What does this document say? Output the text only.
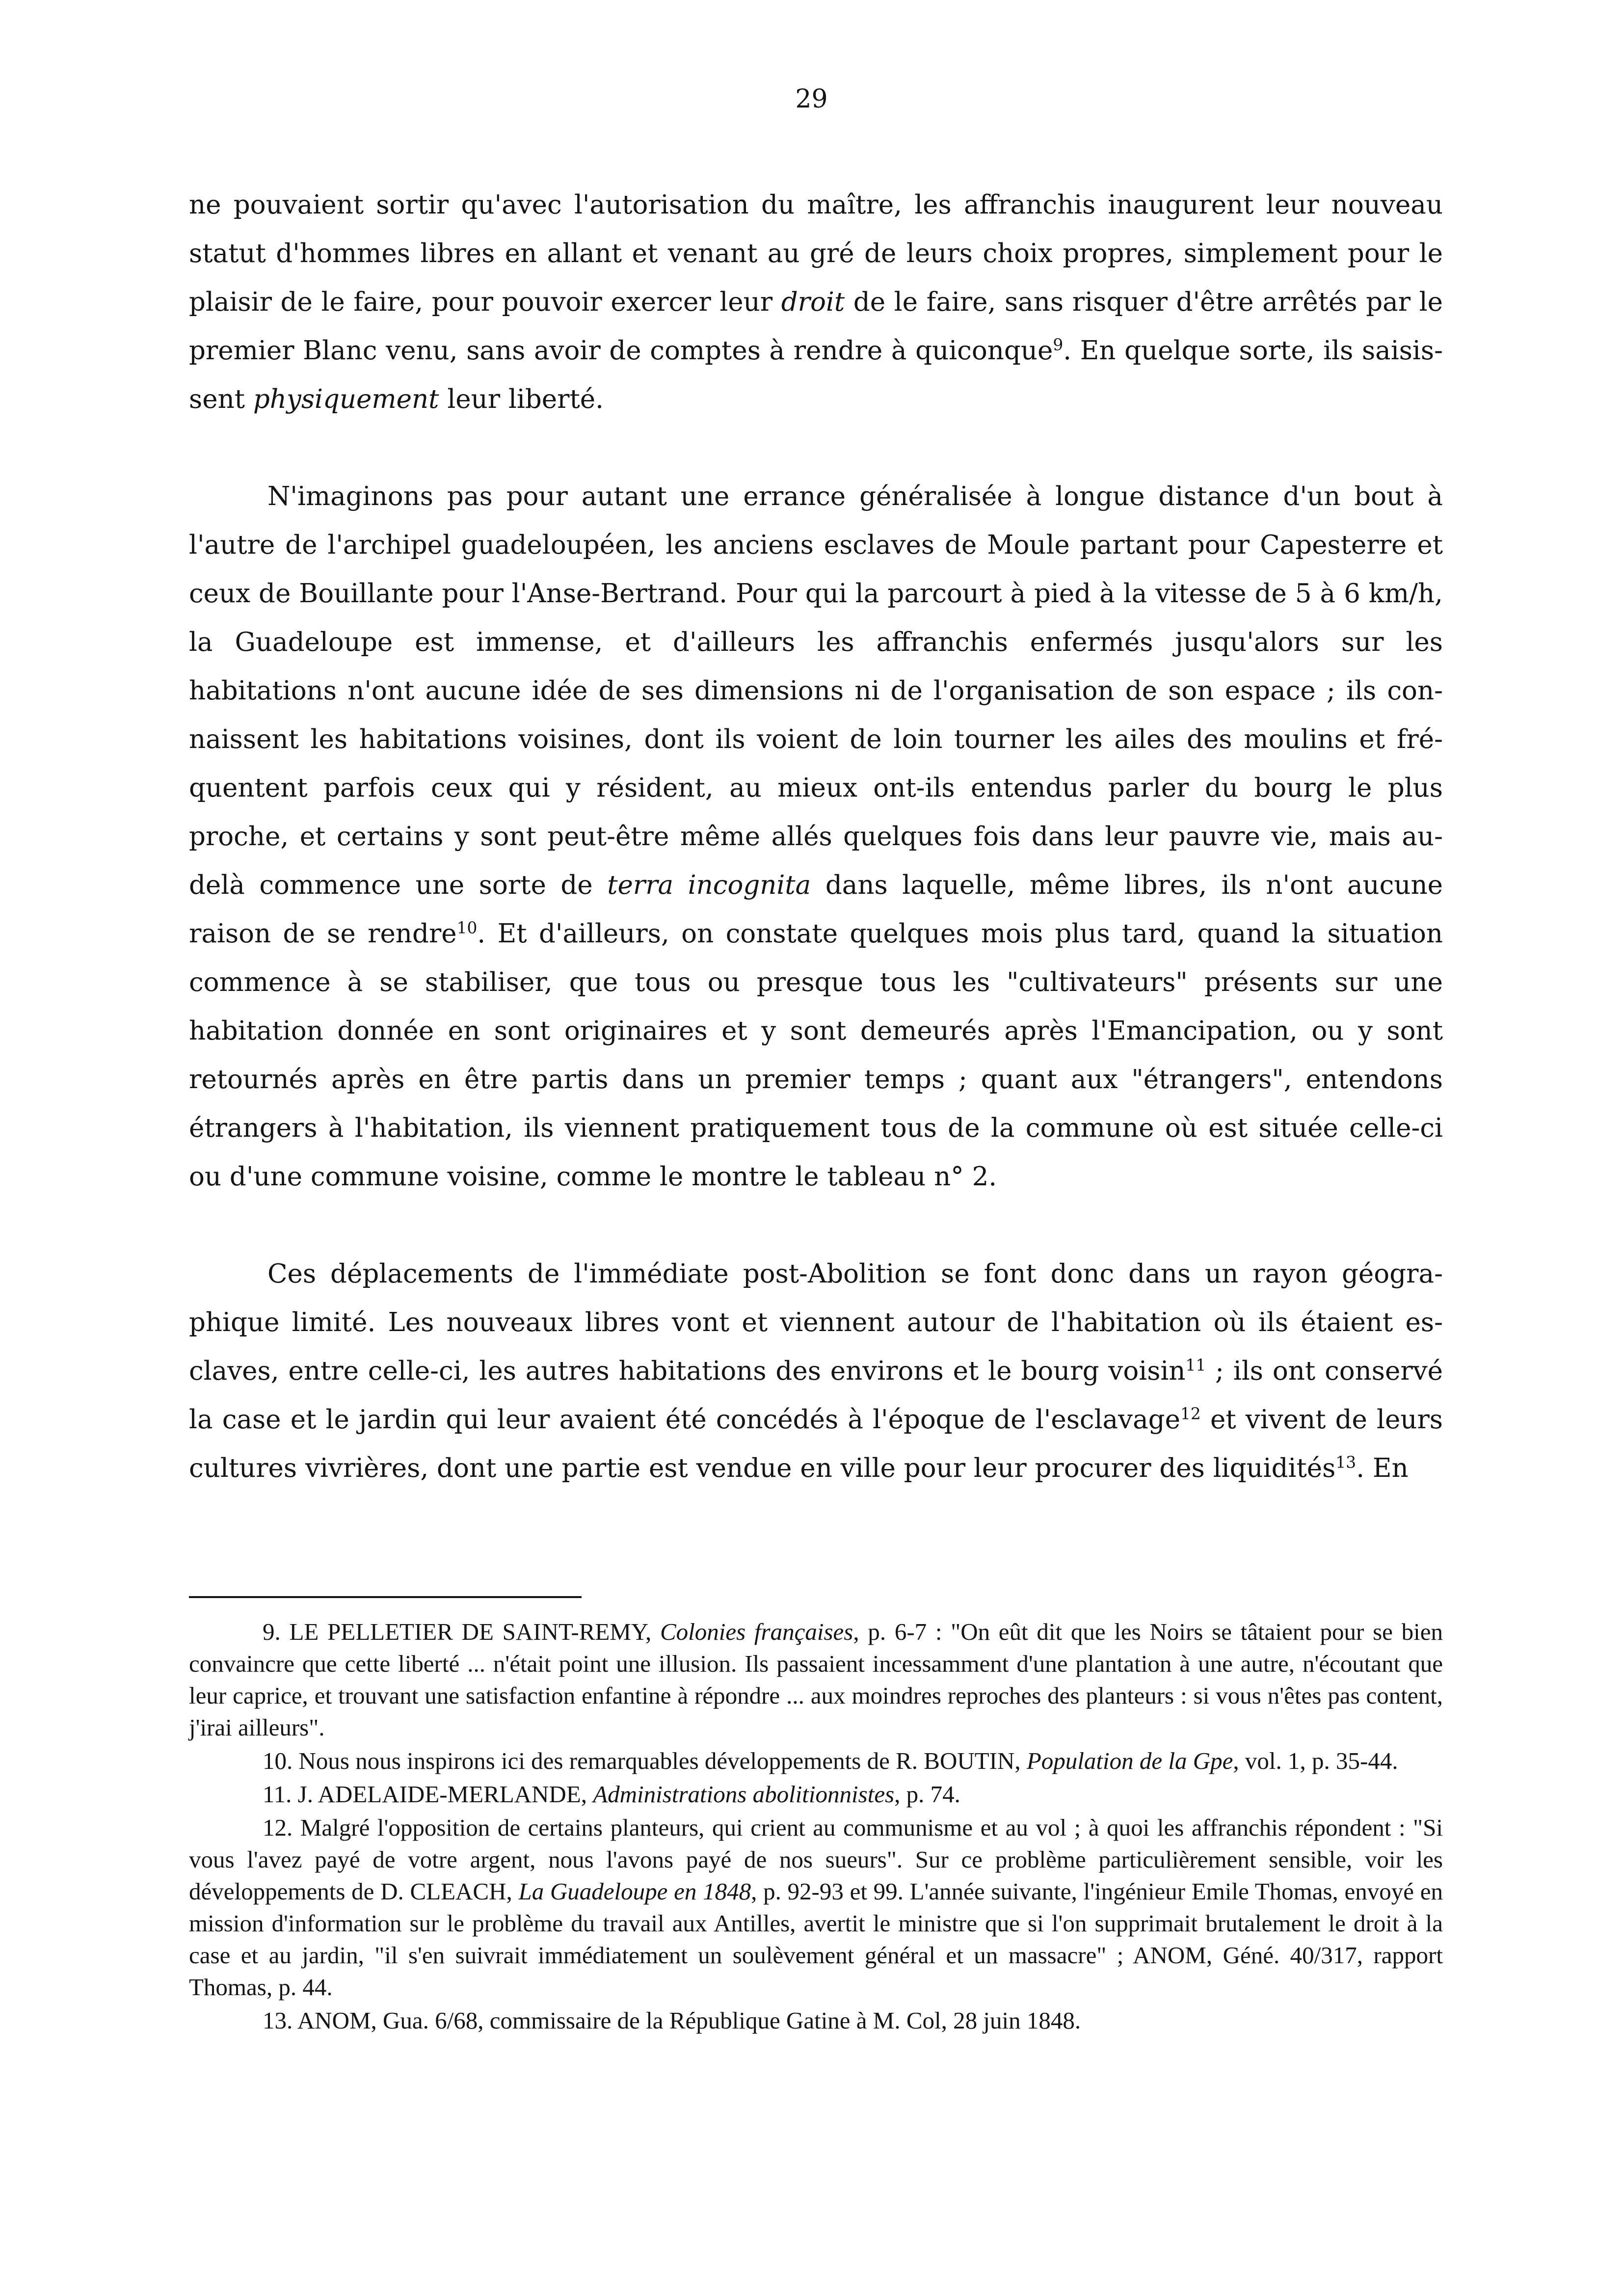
29

ne pouvaient sortir qu'avec l'autorisation du maître, les affranchis inaugurent leur nouveau statut d'hommes libres en allant et venant au gré de leurs choix propres, simplement pour le plaisir de le faire, pour pouvoir exercer leur droit de le faire, sans risquer d'être arrêtés par le premier Blanc venu, sans avoir de comptes à rendre à quiconque$^9$. En quelque sorte, ils saisissent physiquement leur liberté.

N'imaginons pas pour autant une errance généralisée à longue distance d'un bout à l'autre de l'archipel guadeloupéen, les anciens esclaves de Moule partant pour Capesterre et ceux de Bouillante pour l'Anse-Bertrand. Pour qui la parcourt à pied à la vitesse de 5 à 6 km/h, la Guadeloupe est immense, et d'ailleurs les affranchis enfermés jusqu'alors sur les habitations n'ont aucune idée de ses dimensions ni de l'organisation de son espace ; ils connaissent les habitations voisines, dont ils voient de loin tourner les ailes des moulins et fréquentent parfois ceux qui y résident, au mieux ont-ils entendus parler du bourg le plus proche, et certains y sont peut-être même allés quelques fois dans leur pauvre vie, mais au-delà commence une sorte de terra incognita dans laquelle, même libres, ils n'ont aucune raison de se rendre$^{10}$. Et d'ailleurs, on constate quelques mois plus tard, quand la situation commence à se stabiliser, que tous ou presque tous les "cultivateurs" présents sur une habitation donnée en sont originaires et y sont demeurés après l'Emancipation, ou y sont retournés après en être partis dans un premier temps ; quant aux "étrangers", entendons étrangers à l'habitation, ils viennent pratiquement tous de la commune où est située celle-ci ou d'une commune voisine, comme le montre le tableau n° 2.

Ces déplacements de l'immédiate post-Abolition se font donc dans un rayon géographique limité. Les nouveaux libres vont et viennent autour de l'habitation où ils étaient esclaves, entre celle-ci, les autres habitations des environs et le bourg voisin$^{11}$ ; ils ont conservé la case et le jardin qui leur avaient été concédés à l'époque de l'esclavage$^{12}$ et vivent de leurs cultures vivrières, dont une partie est vendue en ville pour leur procurer des liquidités$^{13}$. En

9. LE PELLETIER DE SAINT-REMY, Colonies françaises, p. 6-7 : "On eût dit que les Noirs se tâtaient pour se bien convaincre que cette liberté ... n'était point une illusion. Ils passaient incessamment d'une plantation à une autre, n'écoutant que leur caprice, et trouvant une satisfaction enfantine à répondre ... aux moindres reproches des planteurs : si vous n'êtes pas content, j'irai ailleurs".

10. Nous nous inspirons ici des remarquables développements de R. BOUTIN, Population de la Gpe, vol. 1, p. 35-44.

11. J. ADELAIDE-MERLANDE, Administrations abolitionnistes, p. 74.

12. Malgré l'opposition de certains planteurs, qui crient au communisme et au vol ; à quoi les affranchis répondent : "Si vous l'avez payé de votre argent, nous l'avons payé de nos sueurs". Sur ce problème particulièrement sensible, voir les développements de D. CLEACH, La Guadeloupe en 1848, p. 92-93 et 99. L'année suivante, l'ingénieur Emile Thomas, envoyé en mission d'information sur le problème du travail aux Antilles, avertit le ministre que si l'on supprimait brutalement le droit à la case et au jardin, "il s'en suivrait immédiatement un soulèvement général et un massacre" ; ANOM, Géné. 40/317, rapport Thomas, p. 44.

13. ANOM, Gua. 6/68, commissaire de la République Gatine à M. Col, 28 juin 1848.
